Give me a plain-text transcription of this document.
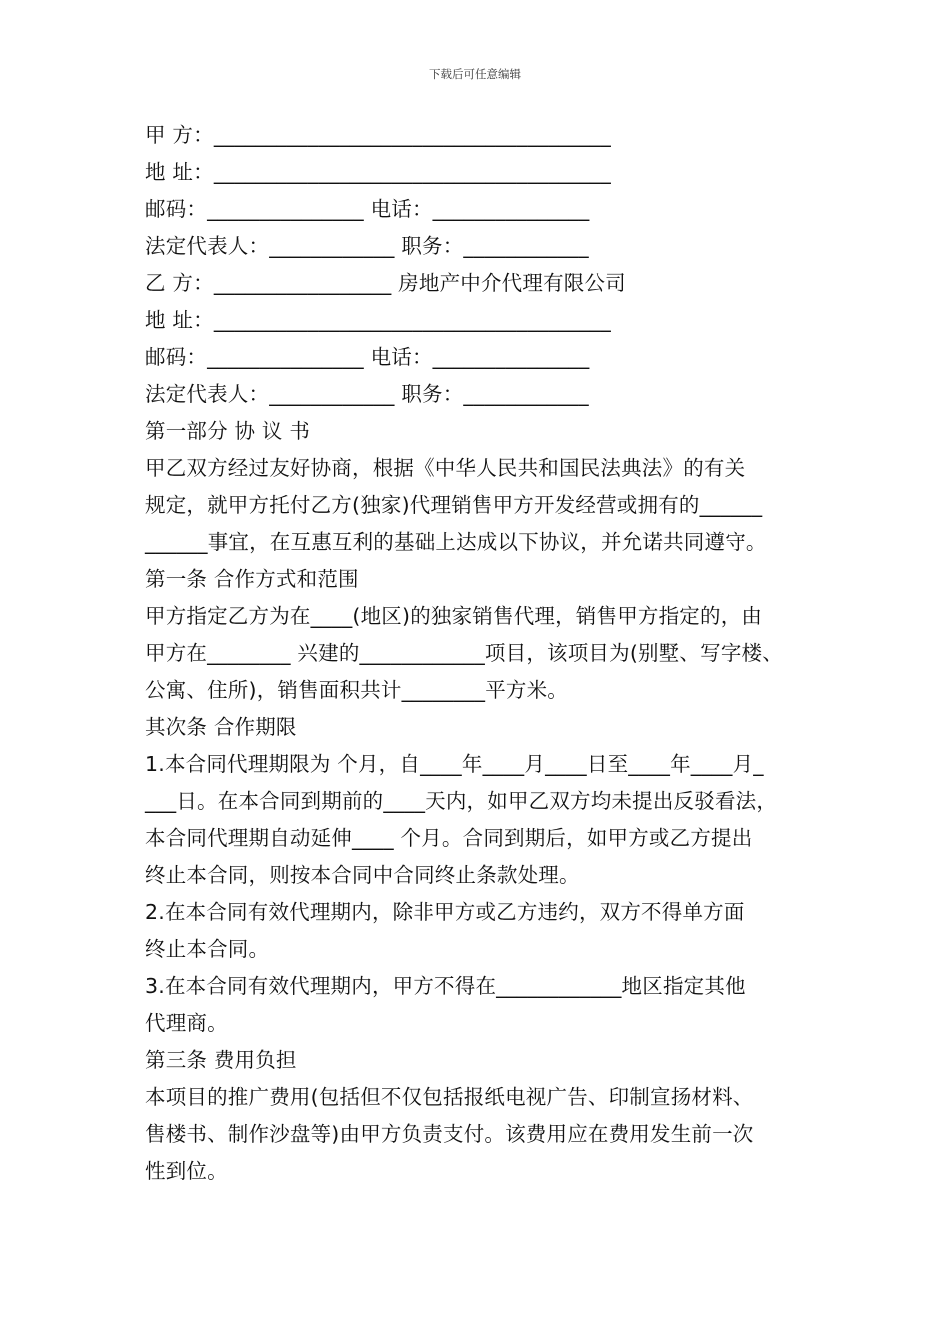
下载后可任意编辑
甲 方：______________________________________
地 址：______________________________________
邮码：_______________ 电话：_______________
法定代表人：____________ 职务：____________
乙 方：_________________ 房地产中介代理有限公司
地 址：______________________________________
邮码：_______________ 电话：_______________
法定代表人：____________ 职务：____________
第一部分 协 议 书
甲乙双方经过友好协商，根据《中华人民共和国民法典法》的有关
规定，就甲方托付乙方(独家)代理销售甲方开发经营或拥有的______
______事宜，在互惠互利的基础上达成以下协议，并允诺共同遵守。
第一条 合作方式和范围
甲方指定乙方为在____(地区)的独家销售代理，销售甲方指定的，由
甲方在________ 兴建的____________项目，该项目为(别墅、写字楼、
公寓、住所)，销售面积共计________平方米。
其次条 合作期限
1.本合同代理期限为 个月，自____年____月____日至____年____月_
___日。在本合同到期前的____天内，如甲乙双方均未提出反驳看法，
本合同代理期自动延伸____ 个月。合同到期后，如甲方或乙方提出
终止本合同，则按本合同中合同终止条款处理。
2.在本合同有效代理期内，除非甲方或乙方违约，双方不得单方面
终止本合同。
3.在本合同有效代理期内，甲方不得在____________地区指定其他
代理商。
第三条 费用负担
本项目的推广费用(包括但不仅包括报纸电视广告、印制宣扬材料、
售楼书、制作沙盘等)由甲方负责支付。该费用应在费用发生前一次
性到位。
